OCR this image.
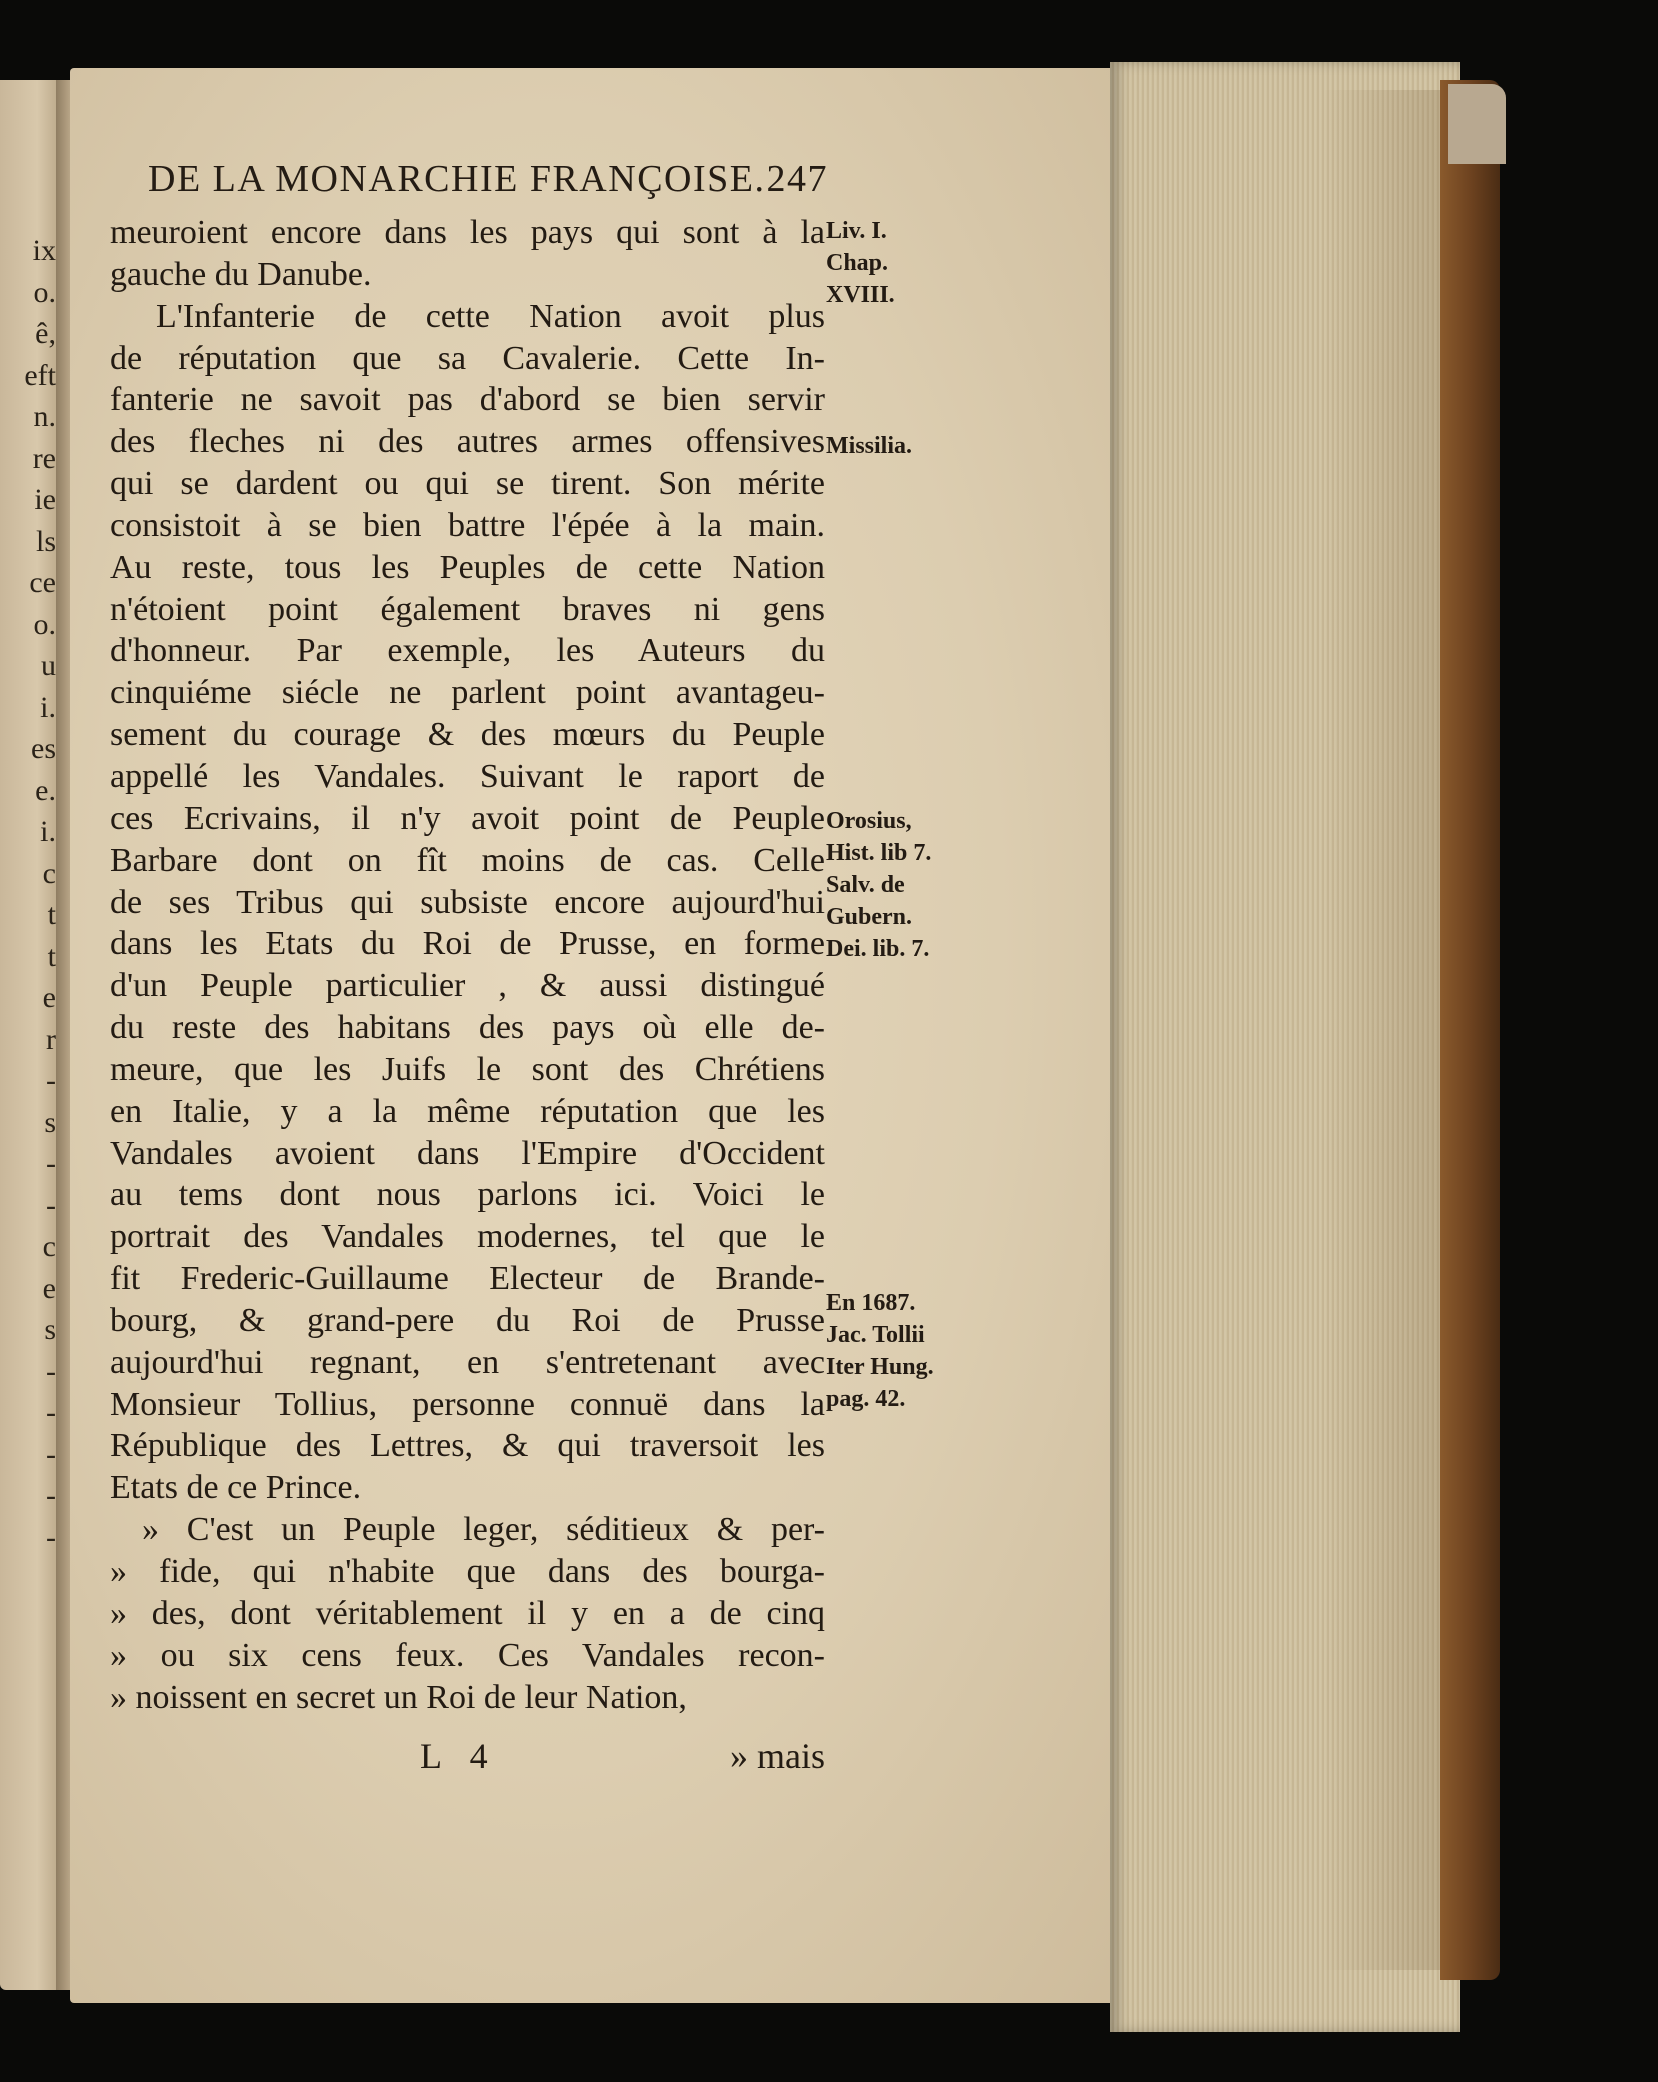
ix
o.
ê,
eft
n.
re
ie
ls
ce
o.
u
i.
es
e.
i.
c
t
t
e
r
-
s
-
-
c
e
s
-
-
-
-
-
DE LA MONARCHIE FRANÇOISE. 247
meuroient encore dans les pays qui sont à la
gauche du Danube.
L'Infanterie de cette Nation avoit plus
de réputation que sa Cavalerie. Cette In-
fanterie ne savoit pas d'abord se bien servir
des fleches ni des autres armes offensives
qui se dardent ou qui se tirent. Son mérite
consistoit à se bien battre l'épée à la main.
Au reste, tous les Peuples de cette Nation
n'étoient point également braves ni gens
d'honneur. Par exemple, les Auteurs du
cinquiéme siécle ne parlent point avantageu-
sement du courage & des mœurs du Peuple
appellé les Vandales. Suivant le raport de
ces Ecrivains, il n'y avoit point de Peuple
Barbare dont on fît moins de cas. Celle
de ses Tribus qui subsiste encore aujourd'hui
dans les Etats du Roi de Prusse, en forme
d'un Peuple particulier , & aussi distingué
du reste des habitans des pays où elle de-
meure, que les Juifs le sont des Chrétiens
en Italie, y a la même réputation que les
Vandales avoient dans l'Empire d'Occident
au tems dont nous parlons ici. Voici le
portrait des Vandales modernes, tel que le
fit Frederic-Guillaume Electeur de Brande-
bourg, & grand-pere du Roi de Prusse
aujourd'hui regnant, en s'entretenant avec
Monsieur Tollius, personne connuë dans la
République des Lettres, & qui traversoit les
Etats de ce Prince.
» C'est un Peuple leger, séditieux & per-
» fide, qui n'habite que dans des bourga-
» des, dont véritablement il y en a de cinq
» ou six cens feux. Ces Vandales recon-
» noissent en secret un Roi de leur Nation,
Liv. I.
Chap.
XVIII.
Missilia.
Orosius,
Hist. lib 7.
Salv. de
Gubern.
Dei. lib. 7.
En 1687.
Jac. Tollii
Iter Hung.
pag. 42.
L 4	» mais
